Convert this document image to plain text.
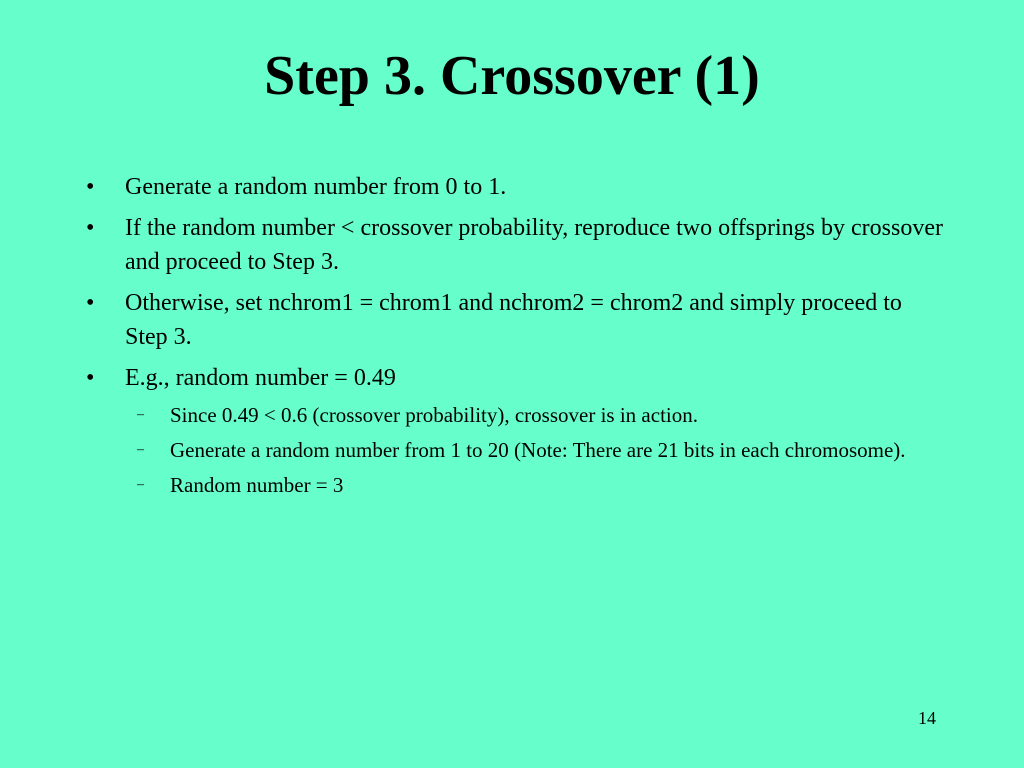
Step 3. Crossover (1)
• Generate a random number from 0 to 1.
• If the random number < crossover probability, reproduce two offsprings by crossover and proceed to Step 3.
• Otherwise, set nchrom1 = chrom1 and nchrom2 = chrom2 and simply proceed to Step 3.
• E.g., random number = 0.49
– Since 0.49 < 0.6 (crossover probability), crossover is in action.
– Generate a random number from 1 to 20 (Note: There are 21 bits in each chromosome).
– Random number = 3
14
